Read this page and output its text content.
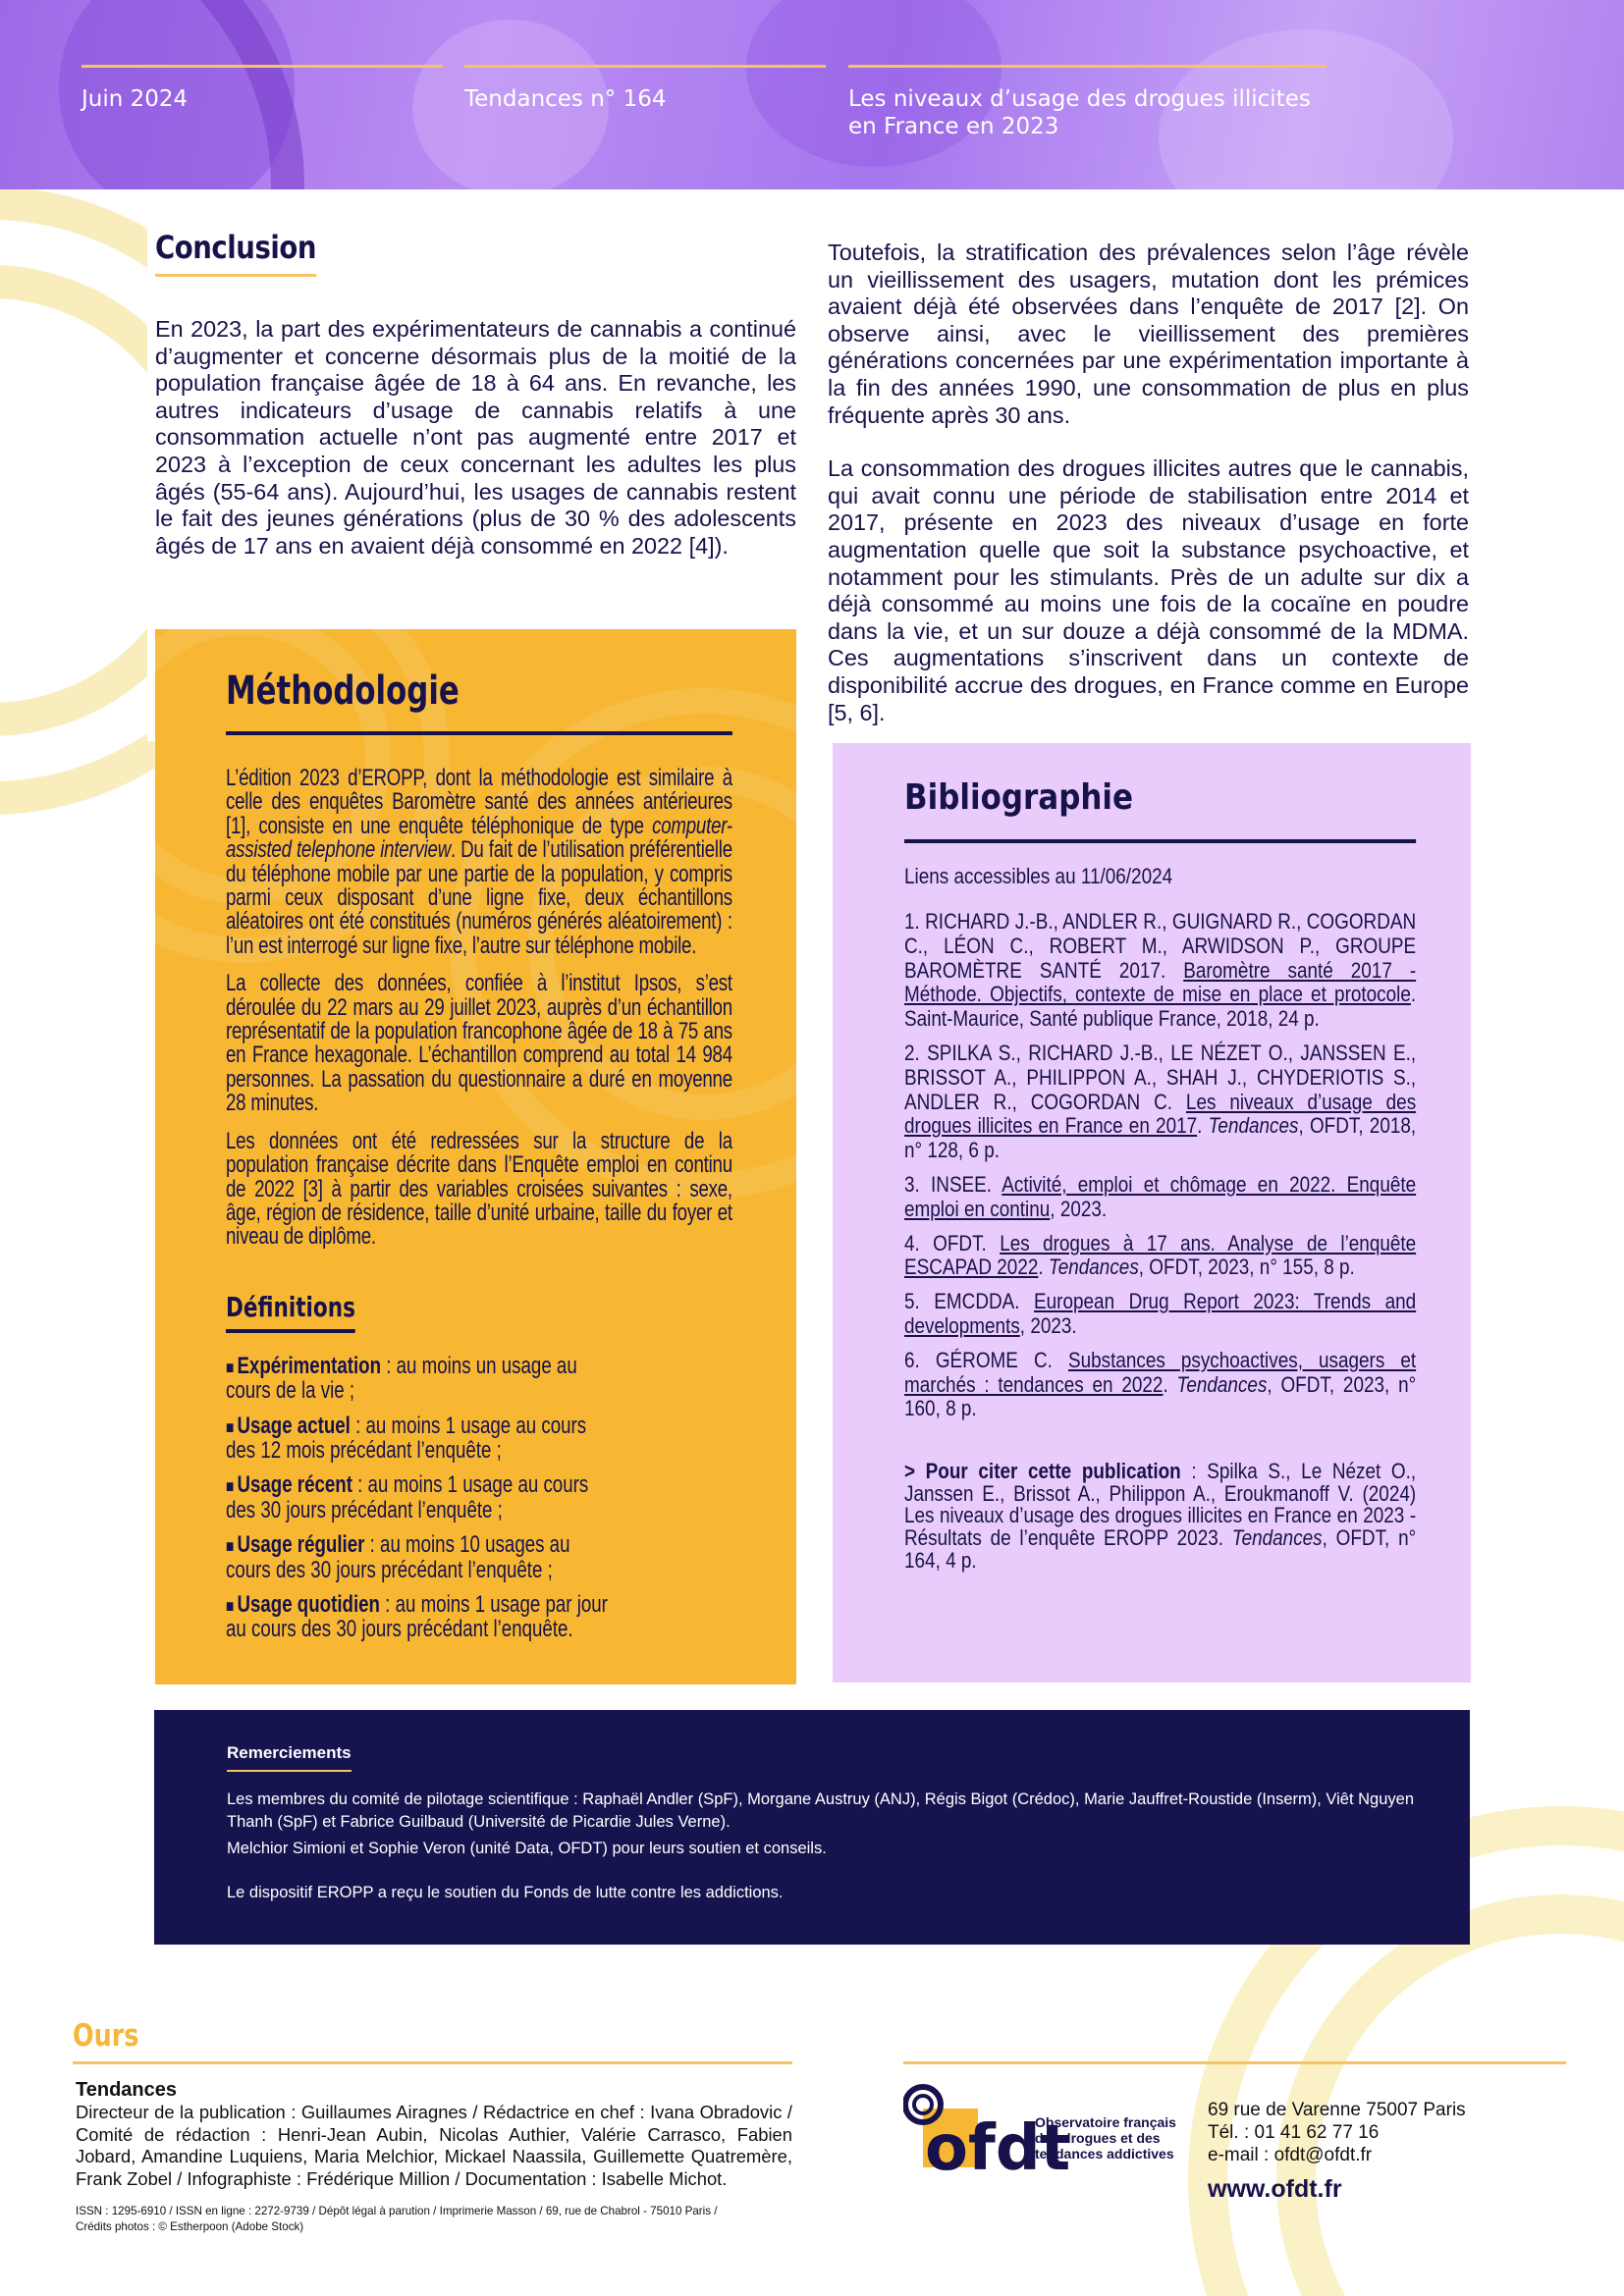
Juin 2024	Tendances n° 164	Les niveaux d’usage des drogues illicites
en France en 2023
Conclusion

En 2023, la part des expérimentateurs de cannabis a continué d’augmenter et concerne désormais plus de la moitié de la population française âgée de 18 à 64 ans. En revanche, les autres indicateurs d’usage de cannabis relatifs à une consommation actuelle n’ont pas augmenté entre 2017 et 2023 à l’exception de ceux concernant les adultes les plus âgés (55-64 ans). Aujourd’hui, les usages de cannabis restent le fait des jeunes générations (plus de 30 % des adolescents âgés de 17 ans en avaient déjà consommé en 2022 [4]).

Toutefois, la stratification des prévalences selon l’âge révèle un vieillissement des usagers, mutation dont les prémices avaient déjà été observées dans l’enquête de 2017 [2]. On observe ainsi, avec le vieillissement des premières générations concernées par une expérimentation importante à la fin des années 1990, une consommation de plus en plus fréquente après 30 ans.

La consommation des drogues illicites autres que le cannabis, qui avait connu une période de stabilisation entre 2014 et 2017, présente en 2023 des niveaux d’usage en forte augmentation quelle que soit la substance psychoactive, et notamment pour les stimulants. Près de un adulte sur dix a déjà consommé au moins une fois de la cocaïne en poudre dans la vie, et un sur douze a déjà consommé de la MDMA. Ces augmentations s’inscrivent dans un contexte de disponibilité accrue des drogues, en France comme en Europe [5, 6].

Méthodologie

L’édition 2023 d’EROPP, dont la méthodologie est similaire à celle des enquêtes Baromètre santé des années antérieures [1], consiste en une enquête téléphonique de type computer-assisted telephone interview. Du fait de l’utilisation préférentielle du téléphone mobile par une partie de la population, y compris parmi ceux disposant d’une ligne fixe, deux échantillons aléatoires ont été constitués (numéros générés aléatoirement) : l’un est interrogé sur ligne fixe, l’autre sur téléphone mobile.

La collecte des données, confiée à l’institut Ipsos, s’est déroulée du 22 mars au 29 juillet 2023, auprès d’un échantillon représentatif de la population francophone âgée de 18 à 75 ans en France hexagonale. L’échantillon comprend au total 14 984 personnes. La passation du questionnaire a duré en moyenne 28 minutes.

Les données ont été redressées sur la structure de la population française décrite dans l’Enquête emploi en continu de 2022 [3] à partir des variables croisées suivantes : sexe, âge, région de résidence, taille d’unité urbaine, taille du foyer et niveau de diplôme.

Définitions
■ Expérimentation : au moins un usage au cours de la vie ;
■ Usage actuel : au moins 1 usage au cours des 12 mois précédant l’enquête ;
■ Usage récent : au moins 1 usage au cours des 30 jours précédant l’enquête ;
■ Usage régulier : au moins 10 usages au cours des 30 jours précédant l’enquête ;
■ Usage quotidien : au moins 1 usage par jour au cours des 30 jours précédant l’enquête.
Bibliographie
Liens accessibles au 11/06/2024

1. RICHARD J.-B., ANDLER R., GUIGNARD R., COGORDAN C., LÉON C., ROBERT M., ARWIDSON P., GROUPE BAROMÈTRE SANTÉ 2017. Baromètre santé 2017 - Méthode. Objectifs, contexte de mise en place et protocole. Saint-Maurice, Santé publique France, 2018, 24 p.

2. SPILKA S., RICHARD J.-B., LE NÉZET O., JANSSEN E., BRISSOT A., PHILIPPON A., SHAH J., CHYDERIOTIS S., ANDLER R., COGORDAN C. Les niveaux d’usage des drogues illicites en France en 2017. Tendances, OFDT, 2018, n° 128, 6 p.

3. INSEE. Activité, emploi et chômage en 2022. Enquête emploi en continu, 2023.

4. OFDT. Les drogues à 17 ans. Analyse de l’enquête ESCAPAD 2022. Tendances, OFDT, 2023, n° 155, 8 p.

5. EMCDDA. European Drug Report 2023: Trends and developments, 2023.

6. GÉROME C. Substances psychoactives, usagers et marchés : tendances en 2022. Tendances, OFDT, 2023, n° 160, 8 p.

> Pour citer cette publication : Spilka S., Le Nézet O., Janssen E., Brissot A., Philippon A., Eroukmanoff V. (2024) Les niveaux d’usage des drogues illicites en France en 2023 - Résultats de l’enquête EROPP 2023. Tendances, OFDT, n° 164, 4 p.

Remerciements
Les membres du comité de pilotage scientifique : Raphaël Andler (SpF), Morgane Austruy (ANJ), Régis Bigot (Crédoc), Marie Jauffret-Roustide (Inserm), Viêt Nguyen Thanh (SpF) et Fabrice Guilbaud (Université de Picardie Jules Verne).
Melchior Simioni et Sophie Veron (unité Data, OFDT) pour leurs soutien et conseils.
Le dispositif EROPP a reçu le soutien du Fonds de lutte contre les addictions.
Ours
Tendances
Directeur de la publication : Guillaumes Airagnes / Rédactrice en chef : Ivana Obradovic / Comité de rédaction : Henri-Jean Aubin, Nicolas Authier, Valérie Carrasco, Fabien Jobard, Amandine Luquiens, Maria Melchior, Mickael Naassila, Guillemette Quatremère, Frank Zobel / Infographiste : Frédérique Million / Documentation : Isabelle Michot.
ISSN : 1295-6910 / ISSN en ligne : 2272-9739 / Dépôt légal à parution / Imprimerie Masson / 69, rue de Chabrol - 75010 Paris /
Crédits photos : © Estherpoon (Adobe Stock)
ofdt
Observatoire français
des drogues et des
tendances addictives
69 rue de Varenne 75007 Paris
Tél. : 01 41 62 77 16
e-mail : ofdt@ofdt.fr
www.ofdt.fr
